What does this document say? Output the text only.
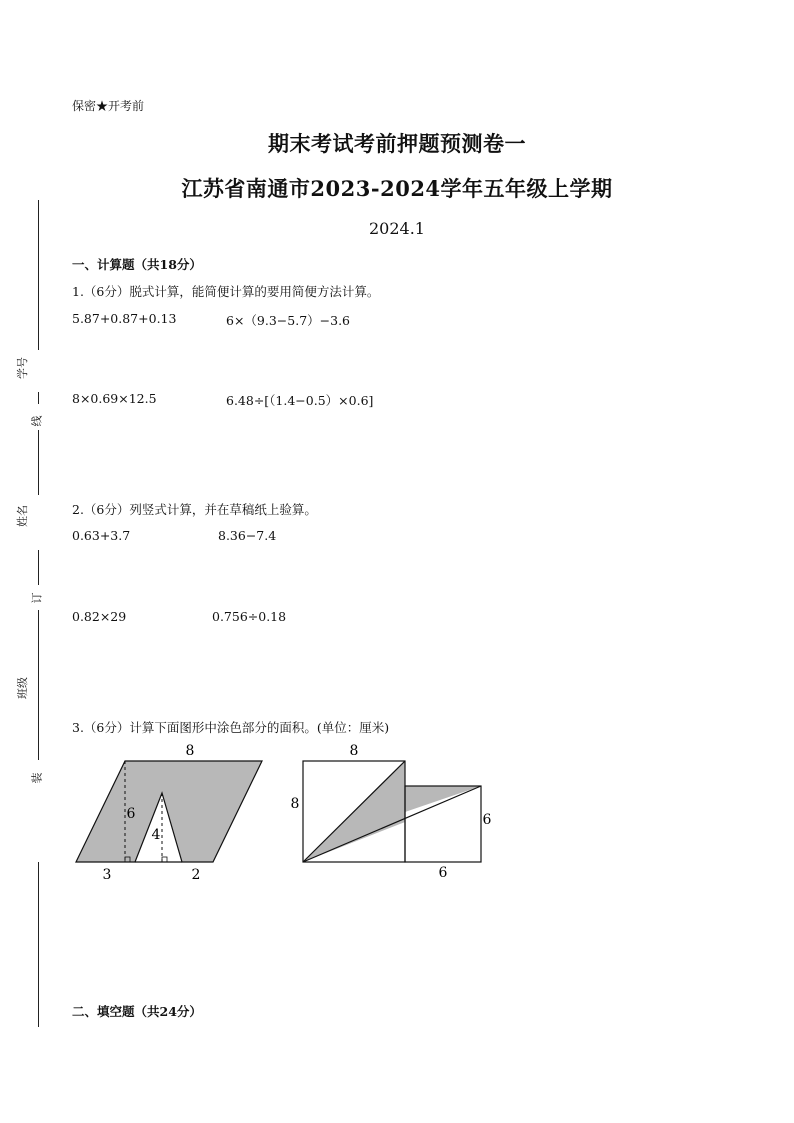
学号
线
姓名
订
班级
装
保密★开考前
期末考试考前押题预测卷一
江苏省南通市2023-2024学年五年级上学期
2024.1
一、计算题（共18分）
1.（6分）脱式计算，能简便计算的要用简便方法计算。
5.87+0.87+0.13	6×（9.3−5.7）−3.6
8×0.69×12.5	6.48÷[（1.4−0.5）×0.6]
2.（6分）列竖式计算，并在草稿纸上验算。
0.63+3.7	8.36−7.4
0.82×29	0.756÷0.18
3.（6分）计算下面图形中涂色部分的面积。(单位：厘米)
8
6
4
3	2
8
8
6
6
二、填空题（共24分）
